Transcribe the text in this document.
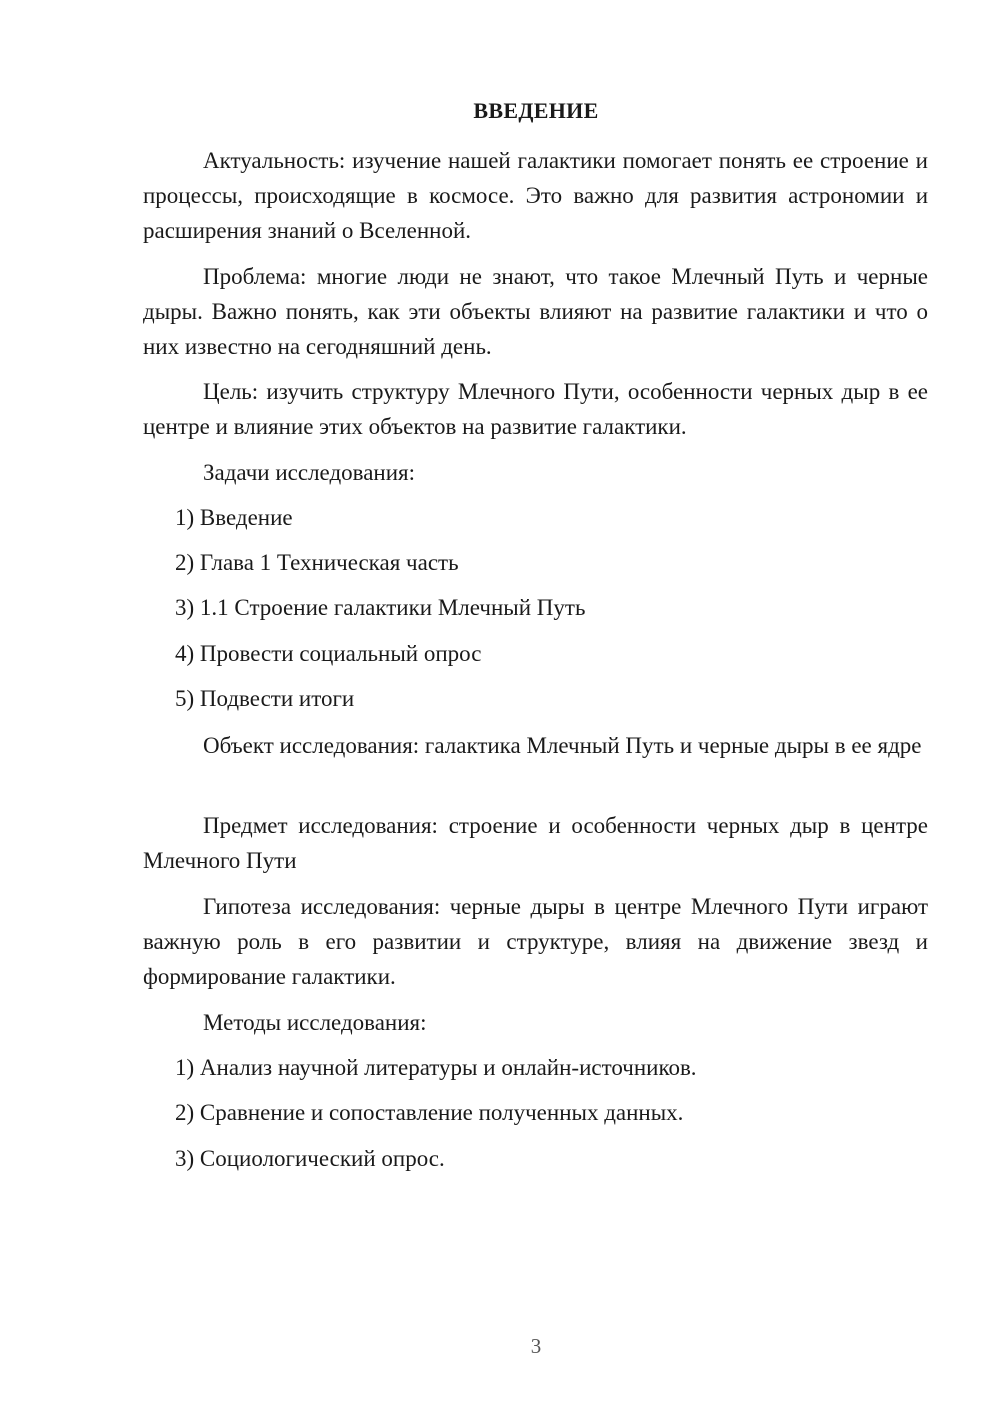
ВВЕДЕНИЕ

Актуальность: изучение нашей галактики помогает понять ее строение и процессы, происходящие в космосе. Это важно для развития астрономии и расширения знаний о Вселенной.

Проблема: многие люди не знают, что такое Млечный Путь и черные дыры. Важно понять, как эти объекты влияют на развитие галактики и что о них известно на сегодняшний день.

Цель: изучить структуру Млечного Пути, особенности черных дыр в ее центре и влияние этих объектов на развитие галактики.

Задачи исследования:
1) Введение
2) Глава 1 Техническая часть
3) 1.1 Строение галактики Млечный Путь
4) Провести социальный опрос
5) Подвести итоги

Объект исследования: галактика Млечный Путь и черные дыры в ее ядре

Предмет исследования: строение и особенности черных дыр в центре Млечного Пути

Гипотеза исследования: черные дыры в центре Млечного Пути играют важную роль в его развитии и структуре, влияя на движение звезд и формирование галактики.

Методы исследования:
1) Анализ научной литературы и онлайн-источников.
2) Сравнение и сопоставление полученных данных.
3) Социологический опрос.
3
